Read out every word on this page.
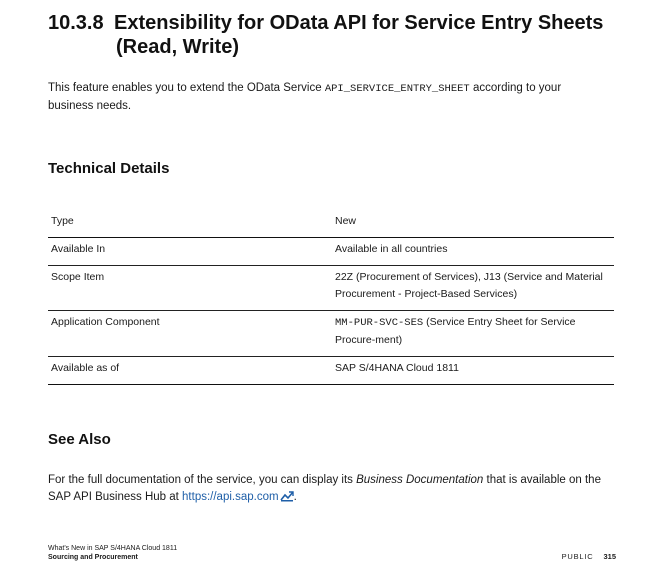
10.3.8 Extensibility for OData API for Service Entry Sheets
(Read, Write)

This feature enables you to extend the OData Service API_SERVICE_ENTRY_SHEET according to your business needs.

Technical Details
Type	New
Available In	Available in all countries
Scope Item	22Z (Procurement of Services), J13 (Service and Material Procurement - Project-Based Services)
Application Component	MM-PUR-SVC-SES (Service Entry Sheet for Service Procure-ment)
Available as of	SAP S/4HANA Cloud 1811
See Also

For the full documentation of the service, you can display its Business Documentation that is available on the SAP API Business Hub at https://api.sap.com .

What's New in SAP S/4HANA Cloud 1811
Sourcing and Procurement	PUBLIC 315
